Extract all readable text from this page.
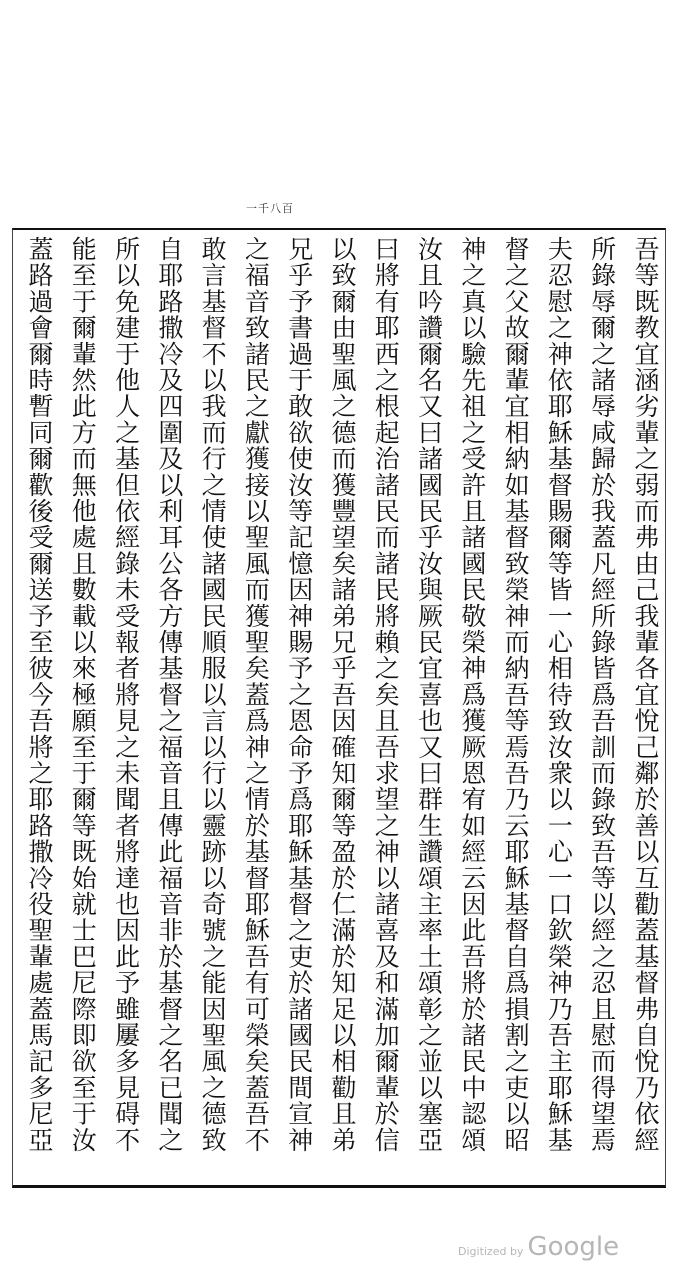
一千八百
吾等既教宜涵劣輩之弱而弗由己我輩各宜悅己鄰於善以互勸蓋基督弗自悅乃依經
所錄辱爾之諸辱咸歸於我蓋凡經所錄皆爲吾訓而錄致吾等以經之忍且慰而得望焉
夫忍慰之神依耶穌基督賜爾等皆一心相待致汝衆以一心一口欽榮神乃吾主耶穌基
督之父故爾輩宜相納如基督致榮神而納吾等焉吾乃云耶穌基督自爲損割之吏以昭
神之真以驗先祖之受許且諸國民敬榮神爲獲厥恩宥如經云因此吾將於諸民中認頌
汝且吟讚爾名又曰諸國民乎汝與厥民宜喜也又曰群生讚頌主率土頌彰之並以塞亞
曰將有耶西之根起治諸民而諸民將賴之矣且吾求望之神以諸喜及和滿加爾輩於信
以致爾由聖風之德而獲豐望矣諸弟兄乎吾因確知爾等盈於仁滿於知足以相勸且弟
兄乎予書過于敢欲使汝等記憶因神賜予之恩命予爲耶穌基督之吏於諸國民間宣神
之福音致諸民之獻獲接以聖風而獲聖矣蓋爲神之情於基督耶穌吾有可榮矣蓋吾不
敢言基督不以我而行之情使諸國民順服以言以行以靈跡以奇號之能因聖風之德致
自耶路撒冷及四圍及以利耳公各方傳基督之福音且傳此福音非於基督之名已聞之
所以免建于他人之基但依經錄未受報者將見之未聞者將達也因此予雖屢多見碍不
能至于爾輩然此方而無他處且數載以來極願至于爾等既始就士巴尼際即欲至于汝
蓋路過會爾時暫同爾歡後受爾送予至彼今吾將之耶路撒冷役聖輩處蓋馬記多尼亞
Digitized by Google
